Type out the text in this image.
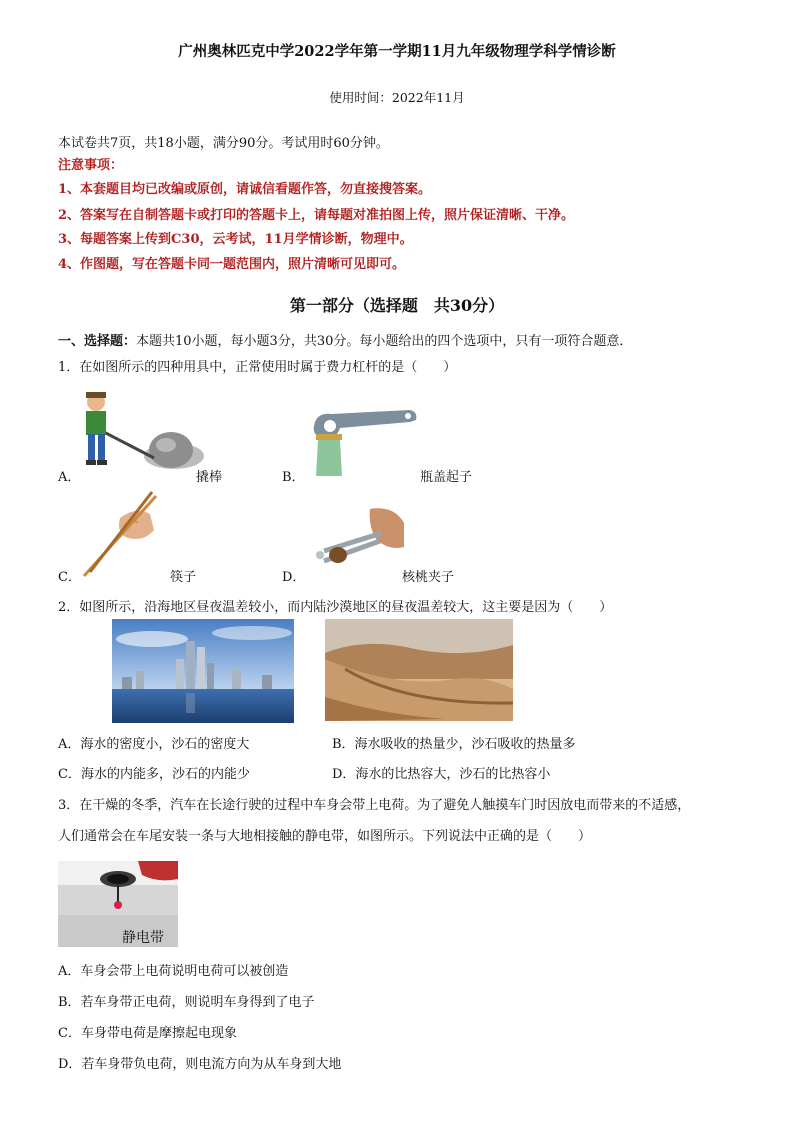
广州奥林匹克中学2022学年第一学期11月九年级物理学科学情诊断
使用时间：2022年11月
本试卷共7页，共18小题，满分90分。考试用时60分钟。
注意事项：
1、本套题目均已改编或原创，请诚信看题作答，勿直接搜答案。
2、答案写在自制答题卡或打印的答题卡上，请每题对准拍图上传，照片保证清晰、干净。
3、每题答案上传到C30，云考试，11月学情诊断，物理中。
4、作图题，写在答题卡同一题范围内，照片清晰可见即可。
第一部分（选择题　共30分）
一、选择题：本题共10小题，每小题3分，共30分。每小题给出的四个选项中，只有一项符合题意．
1．在如图所示的四种用具中，正常使用时属于费力杠杆的是（　　）
A．	撬棒	B．	瓶盖起子
C．	筷子	D．	核桃夹子
2．如图所示，沿海地区昼夜温差较小，而内陆沙漠地区的昼夜温差较大，这主要是因为（　　）
A．海水的密度小，沙石的密度大	B．海水吸收的热量少，沙石吸收的热量多
C．海水的内能多，沙石的内能少	D．海水的比热容大，沙石的比热容小
3．在干燥的冬季，汽车在长途行驶的过程中车身会带上电荷。为了避免人触摸车门时因放电而带来的不适感，
人们通常会在车尾安装一条与大地相接触的静电带，如图所示。下列说法中正确的是（　　）
静电带
A．车身会带上电荷说明电荷可以被创造
B．若车身带正电荷，则说明车身得到了电子
C．车身带电荷是摩擦起电现象
D．若车身带负电荷，则电流方向为从车身到大地
